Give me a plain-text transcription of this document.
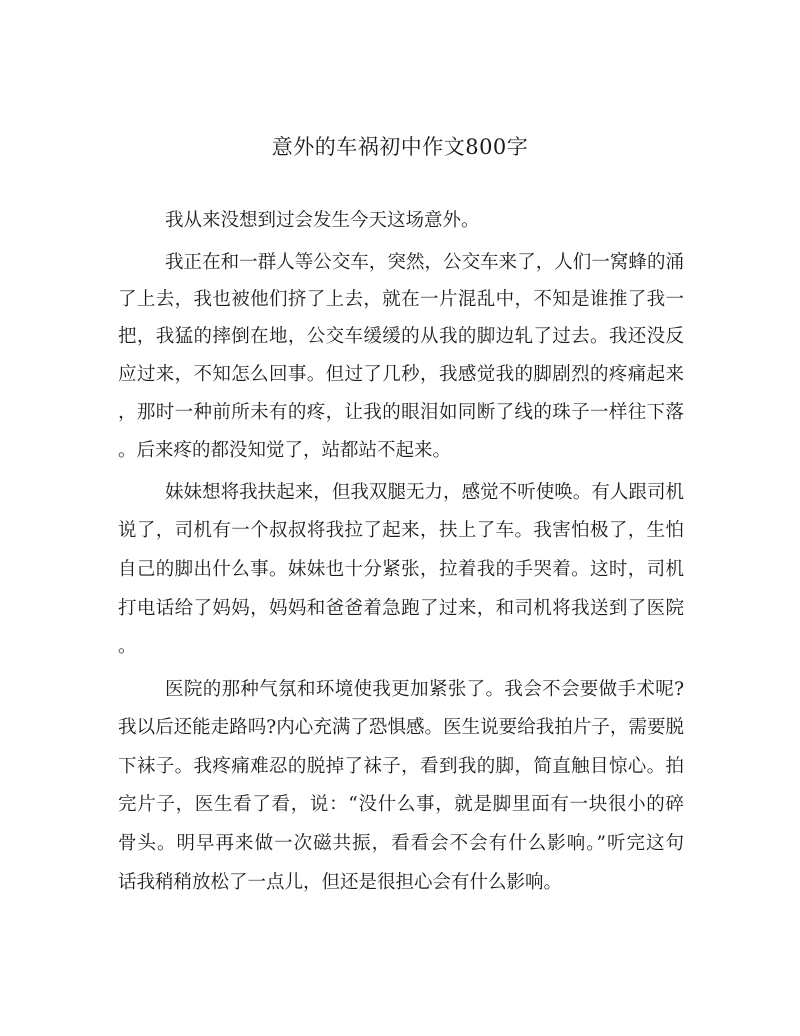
意外的车祸初中作文800字
我从来没想到过会发生今天这场意外。
我正在和一群人等公交车，突然，公交车来了，人们一窝蜂的涌
了上去，我也被他们挤了上去，就在一片混乱中，不知是谁推了我一
把，我猛的摔倒在地，公交车缓缓的从我的脚边轧了过去。我还没反
应过来，不知怎么回事。但过了几秒，我感觉我的脚剧烈的疼痛起来
，那时一种前所未有的疼，让我的眼泪如同断了线的珠子一样往下落
。后来疼的都没知觉了，站都站不起来。
妹妹想将我扶起来，但我双腿无力，感觉不听使唤。有人跟司机
说了，司机有一个叔叔将我拉了起来，扶上了车。我害怕极了，生怕
自己的脚出什么事。妹妹也十分紧张，拉着我的手哭着。这时，司机
打电话给了妈妈，妈妈和爸爸着急跑了过来，和司机将我送到了医院
。
医院的那种气氛和环境使我更加紧张了。我会不会要做手术呢?
我以后还能走路吗?内心充满了恐惧感。医生说要给我拍片子，需要脱
下袜子。我疼痛难忍的脱掉了袜子，看到我的脚，简直触目惊心。拍
完片子，医生看了看，说：“没什么事，就是脚里面有一块很小的碎
骨头。明早再来做一次磁共振，看看会不会有什么影响。”听完这句
话我稍稍放松了一点儿，但还是很担心会有什么影响。
